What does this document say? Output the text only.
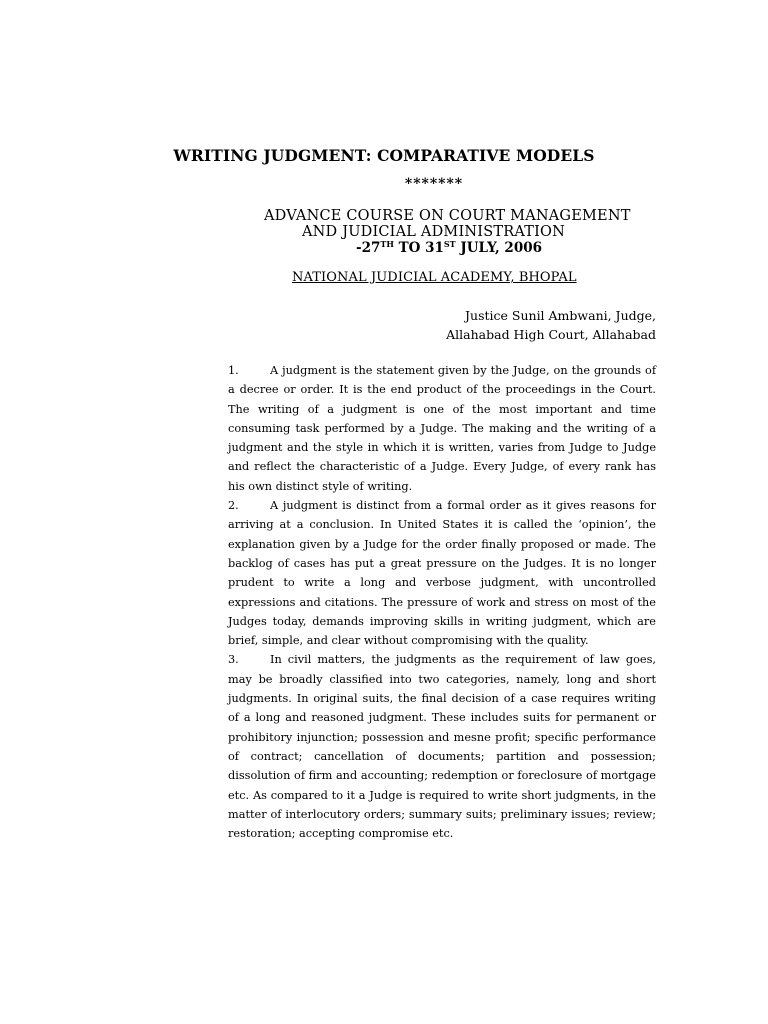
WRITING JUDGMENT: COMPARATIVE MODELS
*******
ADVANCE COURSE ON COURT MANAGEMENT
AND JUDICIAL ADMINISTRATION
-27TH TO 31ST JULY, 2006
NATIONAL JUDICIAL ACADEMY, BHOPAL
Justice Sunil Ambwani, Judge,
Allahabad High Court, Allahabad

1.	A judgment is the statement given by the Judge, on the grounds of a decree or order. It is the end product of the proceedings in the Court. The writing of a judgment is one of the most important and time consuming task performed by a Judge. The making and the writing of a judgment and the style in which it is written, varies from Judge to Judge and reflect the characteristic of a Judge. Every Judge, of every rank has his own distinct style of writing.

2.	A judgment is distinct from a formal order as it gives reasons for arriving at a conclusion. In United States it is called the ‘opinion’, the explanation given by a Judge for the order finally proposed or made. The backlog of cases has put a great pressure on the Judges. It is no longer prudent to write a long and verbose judgment, with uncontrolled expressions and citations. The pressure of work and stress on most of the Judges today, demands improving skills in writing judgment, which are brief, simple, and clear without compromising with the quality.

3.	In civil matters, the judgments as the requirement of law goes, may be broadly classified into two categories, namely, long and short judgments. In original suits, the final decision of a case requires writing of a long and reasoned judgment. These includes suits for permanent or prohibitory injunction; possession and mesne profit; specific performance of contract; cancellation of documents; partition and possession; dissolution of firm and accounting; redemption or foreclosure of mortgage etc. As compared to it a Judge is required to write short judgments, in the matter of interlocutory orders; summary suits; preliminary issues; review; restoration; accepting compromise etc.
